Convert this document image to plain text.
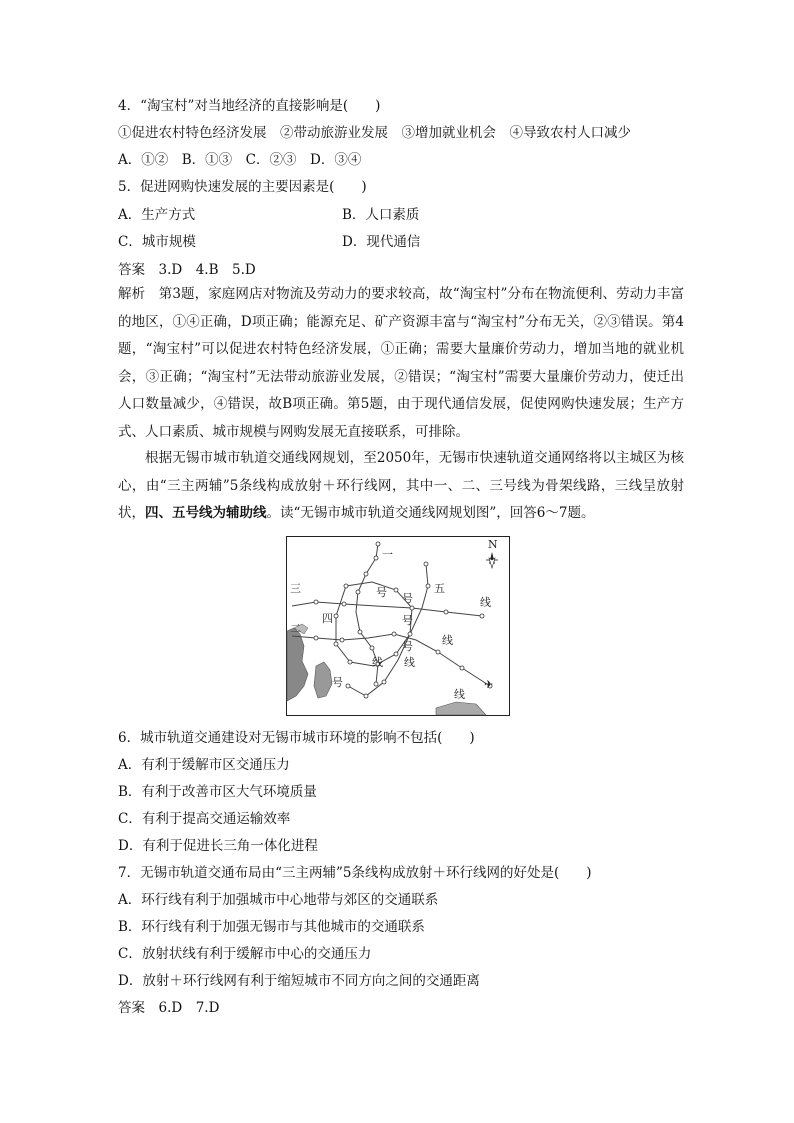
4．“淘宝村”对当地经济的直接影响是(　　)
①促进农村特色经济发展　②带动旅游业发展　③增加就业机会　④导致农村人口减少
A．①②　B．①③　C．②③　D．③④
5．促进网购快速发展的主要因素是(　　)
A．生产方式	B．人口素质
C．城市规模	D．现代通信
答案　3.D　4.B　5.D
解析　第3题，家庭网店对物流及劳动力的要求较高，故“淘宝村”分布在物流便利、劳动力丰富的地区，①④正确，D项正确；能源充足、矿产资源丰富与“淘宝村”分布无关，②③错误。第4题，“淘宝村”可以促进农村特色经济发展，①正确；需要大量廉价劳动力，增加当地的就业机会，③正确；“淘宝村”无法带动旅游业发展，②错误；“淘宝村”需要大量廉价劳动力，使迁出人口数量减少，④错误，故B项正确。第5题，由于现代通信发展，促使网购快速发展；生产方式、人口素质、城市规模与网购发展无直接联系，可排除。
根据无锡市城市轨道交通线网规划，至2050年，无锡市快速轨道交通网络将以主城区为核心，由“三主两辅”5条线构成放射＋环行线网，其中一、二、三号线为骨架线路，三线呈放射状，四、五号线为辅助线。读“无锡市城市轨道交通线网规划图”，回答6～7题。
✈
N
一
号 号
五
线
三
四
二
号
线
线
号
线
号
线
6．城市轨道交通建设对无锡市城市环境的影响不包括(　　)
A．有利于缓解市区交通压力
B．有利于改善市区大气环境质量
C．有利于提高交通运输效率
D．有利于促进长三角一体化进程
7．无锡市轨道交通布局由“三主两辅”5条线构成放射＋环行线网的好处是(　　)
A．环行线有利于加强城市中心地带与郊区的交通联系
B．环行线有利于加强无锡市与其他城市的交通联系
C．放射状线有利于缓解市中心的交通压力
D．放射＋环行线网有利于缩短城市不同方向之间的交通距离
答案　6.D　7.D
